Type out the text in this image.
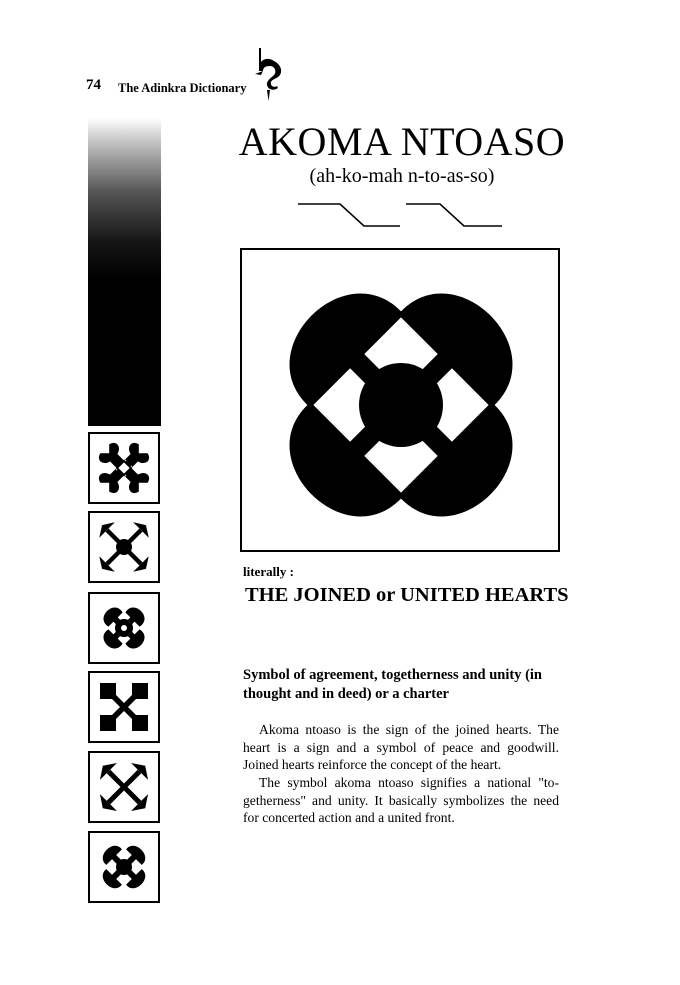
74 The Adinkra Dictionary
AKOMA NTOASO
(ah-ko-mah n-to-as-so)
literally :
THE JOINED or UNITED HEARTS
Symbol of agreement, togetherness and unity (in thought and in deed) or a charter

Akoma ntoaso is the sign of the joined hearts. The heart is a sign and a symbol of peace and goodwill. Joined hearts reinforce the concept of the heart.

The symbol akoma ntoaso signifies a national "to-getherness" and unity. It basically symbolizes the need for concerted action and a united front.
